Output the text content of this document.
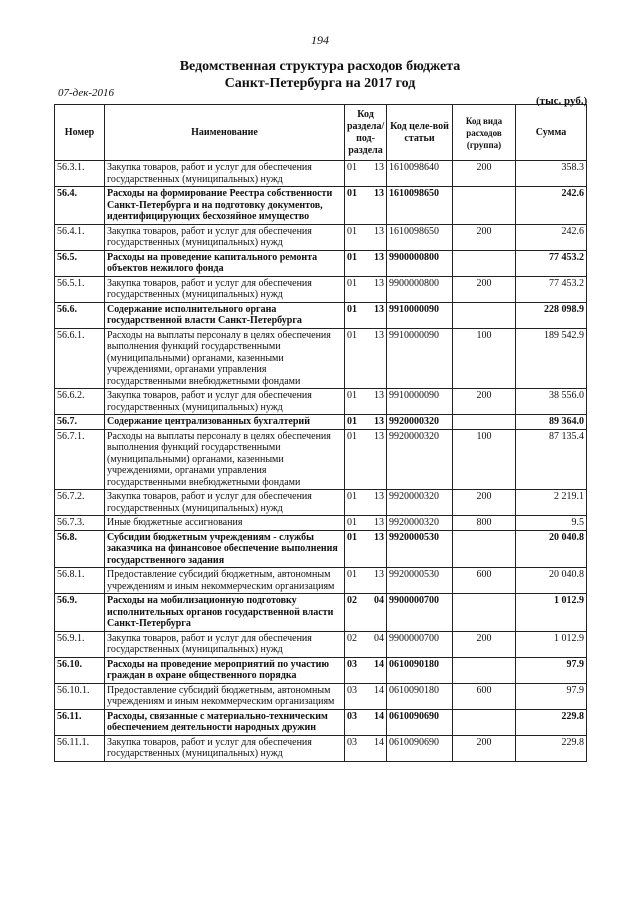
194
Ведомственная структура расходов бюджета
Санкт-Петербурга на 2017 год
07-дек-2016
(тыс. руб.)
Номер	Наименование	Код раздела/ под-раздела		Код целе-вой статьи	Код вида расходов (группа)	Сумма
56.3.1.	Закупка товаров, работ и услуг для обеспечения государственных (муниципальных) нужд	01	13	1610098640	200	358.3
56.4.	Расходы на формирование Реестра собственности Санкт-Петербурга и на подготовку документов, идентифицирующих бесхозяйное имущество	01	13	1610098650		242.6
56.4.1.	Закупка товаров, работ и услуг для обеспечения государственных (муниципальных) нужд	01	13	1610098650	200	242.6
56.5.	Расходы на проведение капитального ремонта объектов нежилого фонда	01	13	9900000800		77 453.2
56.5.1.	Закупка товаров, работ и услуг для обеспечения государственных (муниципальных) нужд	01	13	9900000800	200	77 453.2
56.6.	Содержание исполнительного органа государственной власти Санкт-Петербурга	01	13	9910000090		228 098.9
56.6.1.	Расходы на выплаты персоналу в целях обеспечения выполнения функций государственными (муниципальными) органами, казенными учреждениями, органами управления государственными внебюджетными фондами	01	13	9910000090	100	189 542.9
56.6.2.	Закупка товаров, работ и услуг для обеспечения государственных (муниципальных) нужд	01	13	9910000090	200	38 556.0
56.7.	Содержание централизованных бухгалтерий	01	13	9920000320		89 364.0
56.7.1.	Расходы на выплаты персоналу в целях обеспечения выполнения функций государственными (муниципальными) органами, казенными учреждениями, органами управления государственными внебюджетными фондами	01	13	9920000320	100	87 135.4
56.7.2.	Закупка товаров, работ и услуг для обеспечения государственных (муниципальных) нужд	01	13	9920000320	200	2 219.1
56.7.3.	Иные бюджетные ассигнования	01	13	9920000320	800	9.5
56.8.	Субсидии бюджетным учреждениям - службы заказчика на финансовое обеспечение выполнения государственного задания	01	13	9920000530		20 040.8
56.8.1.	Предоставление субсидий бюджетным, автономным учреждениям и иным некоммерческим организациям	01	13	9920000530	600	20 040.8
56.9.	Расходы на мобилизационную подготовку исполнительных органов государственной власти Санкт-Петербурга	02	04	9900000700		1 012.9
56.9.1.	Закупка товаров, работ и услуг для обеспечения государственных (муниципальных) нужд	02	04	9900000700	200	1 012.9
56.10.	Расходы на проведение мероприятий по участию граждан в охране общественного порядка	03	14	0610090180		97.9
56.10.1.	Предоставление субсидий бюджетным, автономным учреждениям и иным некоммерческим организациям	03	14	0610090180	600	97.9
56.11.	Расходы, связанные с материально-техническим обеспечением деятельности народных дружин	03	14	0610090690		229.8
56.11.1.	Закупка товаров, работ и услуг для обеспечения государственных (муниципальных) нужд	03	14	0610090690	200	229.8
